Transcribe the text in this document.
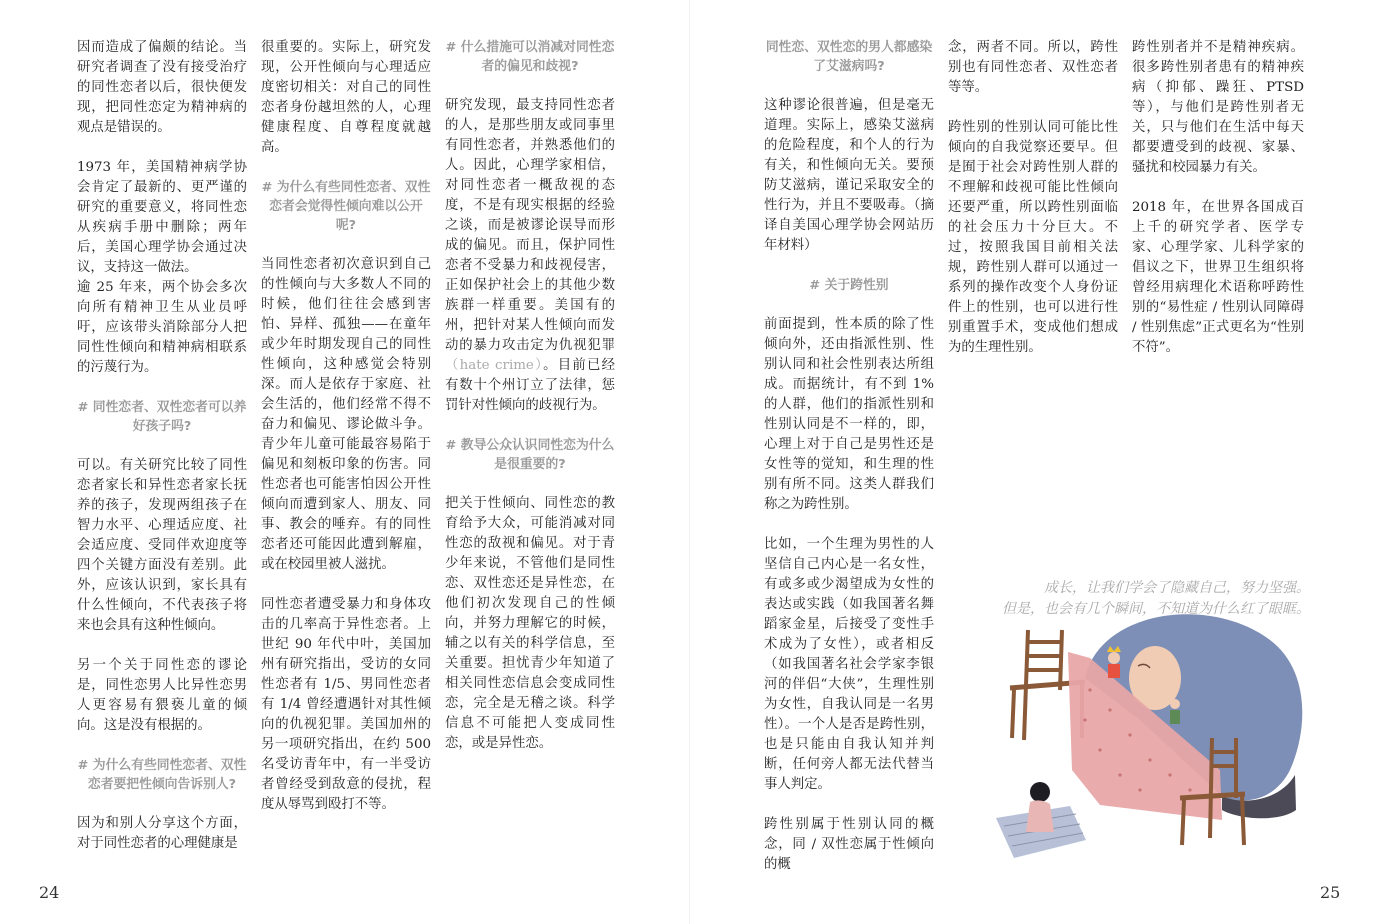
因而造成了偏颇的结论。当研究者调查了没有接受治疗的同性恋者以后，很快便发现，把同性恋定为精神病的观点是错误的。

1973 年，美国精神病学协会肯定了最新的、更严谨的研究的重要意义，将同性恋从疾病手册中删除；两年后，美国心理学协会通过决议，支持这一做法。

逾 25 年来，两个协会多次向所有精神卫生从业员呼吁，应该带头消除部分人把同性性倾向和精神病相联系的污蔑行为。

# 同性恋者、双性恋者可以养好孩子吗?

可以。有关研究比较了同性恋者家长和异性恋者家长抚养的孩子，发现两组孩子在智力水平、心理适应度、社会适应度、受同伴欢迎度等四个关键方面没有差别。此外，应该认识到，家长具有什么性倾向，不代表孩子将来也会具有这种性倾向。

另一个关于同性恋的谬论是，同性恋男人比异性恋男人更容易有猥亵儿童的倾向。这是没有根据的。

# 为什么有些同性恋者、双性恋者要把性倾向告诉别人?

因为和别人分享这个方面，对于同性恋者的心理健康是

很重要的。实际上，研究发现，公开性倾向与心理适应度密切相关：对自己的同性恋者身份越坦然的人，心理健康程度、自尊程度就越高。

# 为什么有些同性恋者、双性恋者会觉得性倾向难以公开呢?

当同性恋者初次意识到自己的性倾向与大多数人不同的时候，他们往往会感到害怕、异样、孤独——在童年或少年时期发现自己的同性性倾向，这种感觉会特别深。而人是依存于家庭、社会生活的，他们经常不得不奋力和偏见、谬论做斗争。青少年儿童可能最容易陷于偏见和刻板印象的伤害。同性恋者也可能害怕因公开性倾向而遭到家人、朋友、同事、教会的唾弃。有的同性恋者还可能因此遭到解雇，或在校园里被人滋扰。

同性恋者遭受暴力和身体攻击的几率高于异性恋者。上世纪 90 年代中叶，美国加州有研究指出，受访的女同性恋者有 1/5、男同性恋者有 1/4 曾经遭遇针对其性倾向的仇视犯罪。美国加州的另一项研究指出，在约 500 名受访青年中，有一半受访者曾经受到敌意的侵扰，程度从辱骂到殴打不等。

# 什么措施可以消减对同性恋者的偏见和歧视?

研究发现，最支持同性恋者的人，是那些朋友或同事里有同性恋者，并熟悉他们的人。因此，心理学家相信，对同性恋者一概敌视的态度，不是有现实根据的经验之谈，而是被谬论误导而形成的偏见。而且，保护同性恋者不受暴力和歧视侵害，正如保护社会上的其他少数族群一样重要。美国有的州，把针对某人性倾向而发动的暴力攻击定为仇视犯罪（hate crime）。目前已经有数十个州订立了法律，惩罚针对性倾向的歧视行为。

# 教导公众认识同性恋为什么是很重要的?

把关于性倾向、同性恋的教育给予大众，可能消减对同性恋的敌视和偏见。对于青少年来说，不管他们是同性恋、双性恋还是异性恋，在他们初次发现自己的性倾向，并努力理解它的时候，辅之以有关的科学信息，至关重要。担忧青少年知道了相关同性恋信息会变成同性恋，完全是无稽之谈。科学信息不可能把人变成同性恋，或是异性恋。

24
同性恋、双性恋的男人都感染了艾滋病吗?

这种谬论很普遍，但是毫无道理。实际上，感染艾滋病的危险程度，和个人的行为有关，和性倾向无关。要预防艾滋病，谨记采取安全的性行为，并且不要吸毒。（摘译自美国心理学协会网站历年材料）

# 关于跨性别

前面提到，性本质的除了性倾向外，还由指派性别、性别认同和社会性别表达所组成。而据统计，有不到 1% 的人群，他们的指派性别和性别认同是不一样的，即，心理上对于自己是男性还是女性等的觉知，和生理的性别有所不同。这类人群我们称之为跨性别。

比如，一个生理为男性的人坚信自己内心是一名女性，有或多或少渴望成为女性的表达或实践（如我国著名舞蹈家金星，后接受了变性手术成为了女性），或者相反（如我国著名社会学家李银河的伴侣“大侠”，生理性别为女性，自我认同是一名男性）。一个人是否是跨性别，也是只能由自我认知并判断，任何旁人都无法代替当事人判定。

跨性别属于性别认同的概念，同 / 双性恋属于性倾向的概

念，两者不同。所以，跨性别也有同性恋者、双性恋者等等。

跨性别的性别认同可能比性倾向的自我觉察还要早。但是囿于社会对跨性别人群的不理解和歧视可能比性倾向还要严重，所以跨性别面临的社会压力十分巨大。不过，按照我国目前相关法规，跨性别人群可以通过一系列的操作改变个人身份证件上的性别，也可以进行性别重置手术，变成他们想成为的生理性别。

跨性别者并不是精神疾病。很多跨性别者患有的精神疾病（抑郁、躁狂、PTSD 等），与他们是跨性别者无关，只与他们在生活中每天都要遭受到的歧视、家暴、骚扰和校园暴力有关。

2018 年，在世界各国成百上千的研究学者、医学专家、心理学家、儿科学家的倡议之下，世界卫生组织将曾经用病理化术语称呼跨性别的“易性症 / 性别认同障碍 / 性别焦虑”正式更名为“性别不符”。

成长，让我们学会了隐藏自己，努力坚强。
但是，也会有几个瞬间，不知道为什么红了眼眶。
25
